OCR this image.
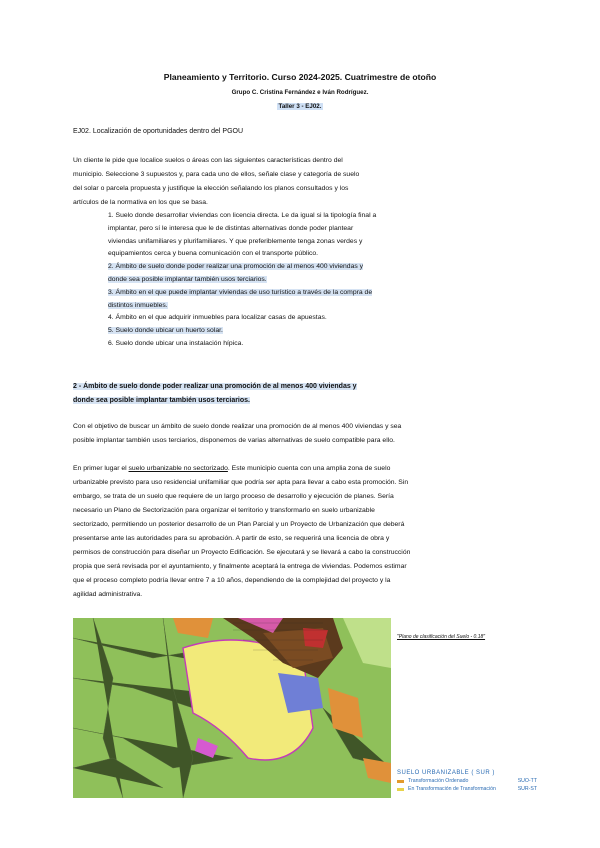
Planeamiento y Territorio. Curso 2024-2025. Cuatrimestre de otoño
Grupo C. Cristina Fernández e Iván Rodríguez.
Taller 3 - EJ02.
EJ02. Localización de oportunidades dentro del PGOU
Un cliente le pide que localice suelos o áreas con las siguientes características dentro del
municipio. Seleccione 3 supuestos y, para cada uno de ellos, señale clase y categoría de suelo
del solar o parcela propuesta y justifique la elección señalando los planos consultados y los
artículos de la normativa en los que se basa.
1. Suelo donde desarrollar viviendas con licencia directa. Le da igual si la tipología final a
implantar, pero sí le interesa que le de distintas alternativas donde poder plantear
viviendas unifamiliares y plurifamiliares. Y que preferiblemente tenga zonas verdes y
equipamientos cerca y buena comunicación con el transporte público.
2. Ámbito de suelo donde poder realizar una promoción de al menos 400 viviendas y
donde sea posible implantar también usos terciarios.
3. Ámbito en el que puede implantar viviendas de uso turístico a través de la compra de
distintos inmuebles.
4. Ámbito en el que adquirir inmuebles para localizar casas de apuestas.
5. Suelo donde ubicar un huerto solar.
6. Suelo donde ubicar una instalación hípica.
2 - Ámbito de suelo donde poder realizar una promoción de al menos 400 viviendas y
donde sea posible implantar también usos terciarios.
Con el objetivo de buscar un ámbito de suelo donde realizar una promoción de al menos 400 viviendas y sea
posible implantar también usos terciarios, disponemos de varias alternativas de suelo compatible para ello.
En primer lugar el suelo urbanizable no sectorizado. Este municipio cuenta con una amplia zona de suelo
urbanizable previsto para uso residencial unifamiliar que podría ser apta para llevar a cabo esta promoción. Sin
embargo, se trata de un suelo que requiere de un largo proceso de desarrollo y ejecución de planes. Sería
necesario un Plano de Sectorización para organizar el territorio y transformarlo en suelo urbanizable
sectorizado, permitiendo un posterior desarrollo de un Plan Parcial y un Proyecto de Urbanización que deberá
presentarse ante las autoridades para su aprobación. A partir de esto, se requerirá una licencia de obra y
permisos de construcción para diseñar un Proyecto Edificación. Se ejecutará y se llevará a cabo la construcción
propia que será revisada por el ayuntamiento, y finalmente aceptará la entrega de viviendas. Podemos estimar
que el proceso completo podría llevar entre 7 a 10 años, dependiendo de la complejidad del proyecto y la
agilidad administrativa.
"Plano de clasificación del Suelo - 0.18"
SUELO URBANIZABLE ( SUR )
Transformación Ordenado	SUO-TT
En Transformación de Transformación	SUR-ST
